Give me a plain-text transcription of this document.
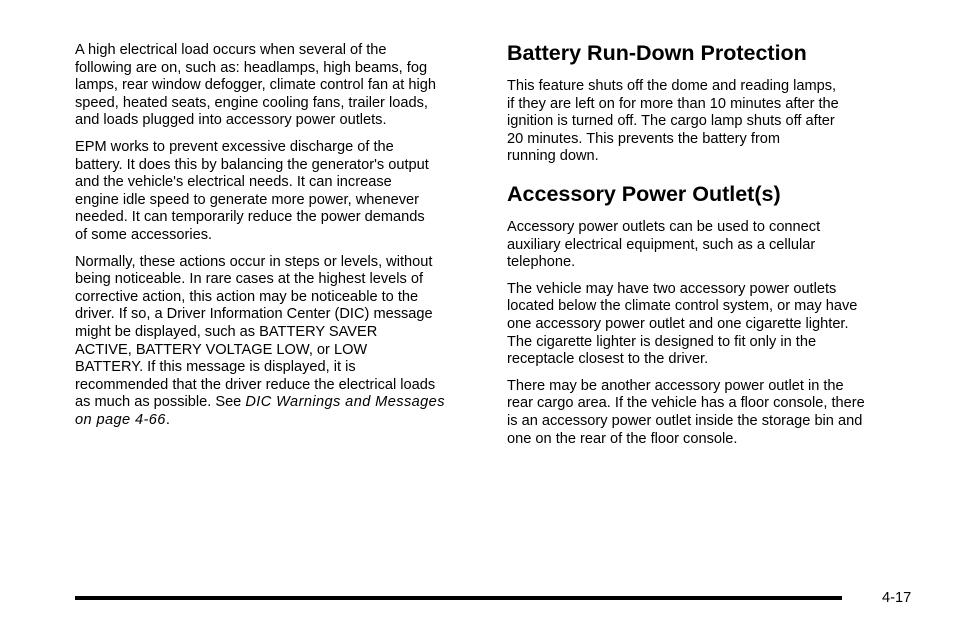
A high electrical load occurs when several of the
following are on, such as: headlamps, high beams, fog
lamps, rear window defogger, climate control fan at high
speed, heated seats, engine cooling fans, trailer loads,
and loads plugged into accessory power outlets.

EPM works to prevent excessive discharge of the
battery. It does this by balancing the generator's output
and the vehicle's electrical needs. It can increase
engine idle speed to generate more power, whenever
needed. It can temporarily reduce the power demands
of some accessories.

Normally, these actions occur in steps or levels, without
being noticeable. In rare cases at the highest levels of
corrective action, this action may be noticeable to the
driver. If so, a Driver Information Center (DIC) message
might be displayed, such as BATTERY SAVER
ACTIVE, BATTERY VOLTAGE LOW, or LOW
BATTERY. If this message is displayed, it is
recommended that the driver reduce the electrical loads
as much as possible. See DIC Warnings and Messages
on page 4-66.

Battery Run-Down Protection

This feature shuts off the dome and reading lamps,
if they are left on for more than 10 minutes after the
ignition is turned off. The cargo lamp shuts off after
20 minutes. This prevents the battery from
running down.

Accessory Power Outlet(s)

Accessory power outlets can be used to connect
auxiliary electrical equipment, such as a cellular
telephone.

The vehicle may have two accessory power outlets
located below the climate control system, or may have
one accessory power outlet and one cigarette lighter.
The cigarette lighter is designed to fit only in the
receptacle closest to the driver.

There may be another accessory power outlet in the
rear cargo area. If the vehicle has a floor console, there
is an accessory power outlet inside the storage bin and
one on the rear of the floor console.

4-17
